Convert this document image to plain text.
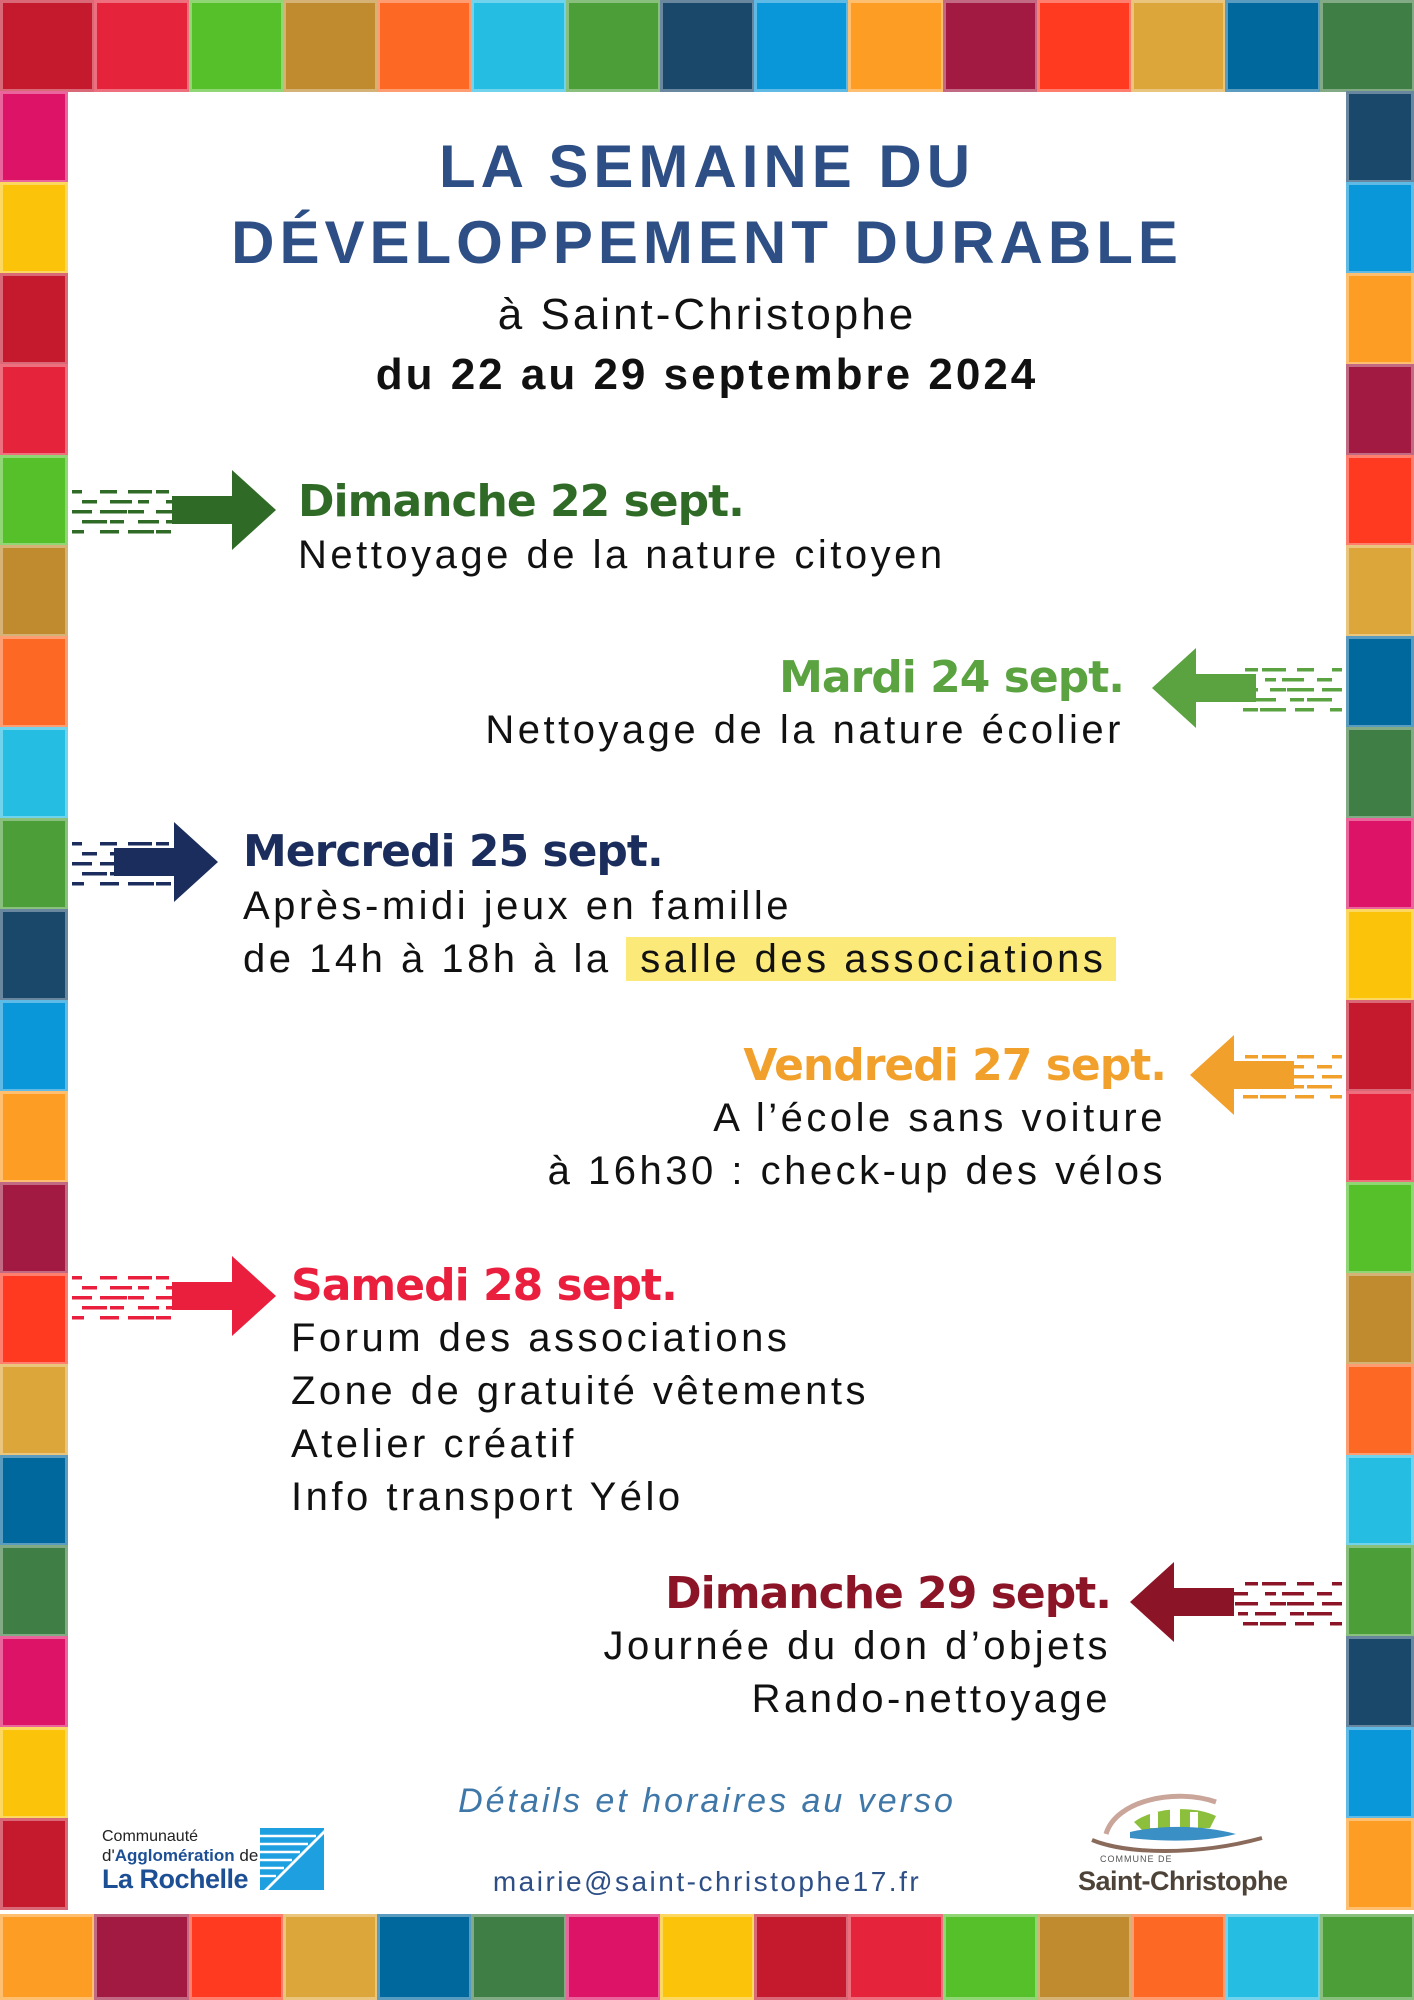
LA SEMAINE DU
DÉVELOPPEMENT DURABLE
à Saint-Christophe
du 22 au 29 septembre 2024
Dimanche 22 sept.
Nettoyage de la nature citoyen
Mardi 24 sept.
Nettoyage de la nature écolier
Mercredi 25 sept.
Après-midi jeux en famille
de 14h à 18h à la salle des associations
Vendredi 27 sept.
A l’école sans voiture
à 16h30 : check-up des vélos
Samedi 28 sept.
Forum des associations
Zone de gratuité vêtements
Atelier créatif
Info transport Yélo
Dimanche 29 sept.
Journée du don d’objets
Rando-nettoyage
Détails et horaires au verso
mairie@saint-christophe17.fr
Communauté
d'Agglomération de
La Rochelle
COMMUNE DE
Saint-Christophe
